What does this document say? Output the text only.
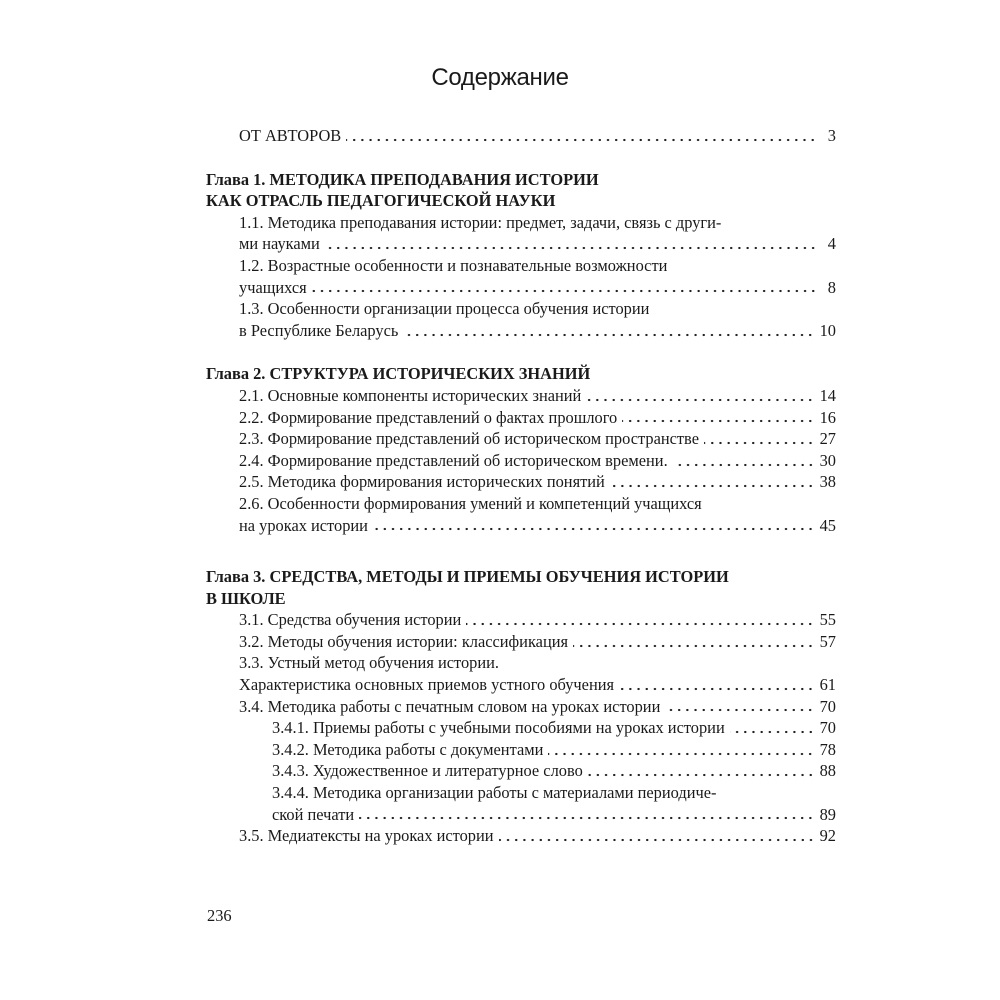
Содержание
ОТ АВТОРОВ	3
Глава 1. МЕТОДИКА ПРЕПОДАВАНИЯ ИСТОРИИ
КАК ОТРАСЛЬ ПЕДАГОГИЧЕСКОЙ НАУКИ
1.1. Методика преподавания истории: предмет, задачи, связь с други-
ми науками	4
1.2. Возрастные особенности и познавательные возможности
учащихся	8
1.3. Особенности организации процесса обучения истории
в Республике Беларусь	10
Глава 2. СТРУКТУРА ИСТОРИЧЕСКИХ ЗНАНИЙ
2.1. Основные компоненты исторических знаний	14
2.2. Формирование представлений о фактах прошлого	16
2.3. Формирование представлений об историческом пространстве	27
2.4. Формирование представлений об историческом времени.	30
2.5. Методика формирования исторических понятий	38
2.6. Особенности формирования умений и компетенций учащихся
на уроках истории	45
Глава 3. СРЕДСТВА, МЕТОДЫ И ПРИЕМЫ ОБУЧЕНИЯ ИСТОРИИ
В ШКОЛЕ
3.1. Средства обучения истории	55
3.2. Методы обучения истории: классификация	57
3.3. Устный метод обучения истории.
Характеристика основных приемов устного обучения	61
3.4. Методика работы с печатным словом на уроках истории	70
3.4.1. Приемы работы с учебными пособиями на уроках истории	70
3.4.2. Методика работы с документами	78
3.4.3. Художественное и литературное слово	88
3.4.4. Методика организации работы с материалами периодиче-
ской печати	89
3.5. Медиатексты на уроках истории	92
236
